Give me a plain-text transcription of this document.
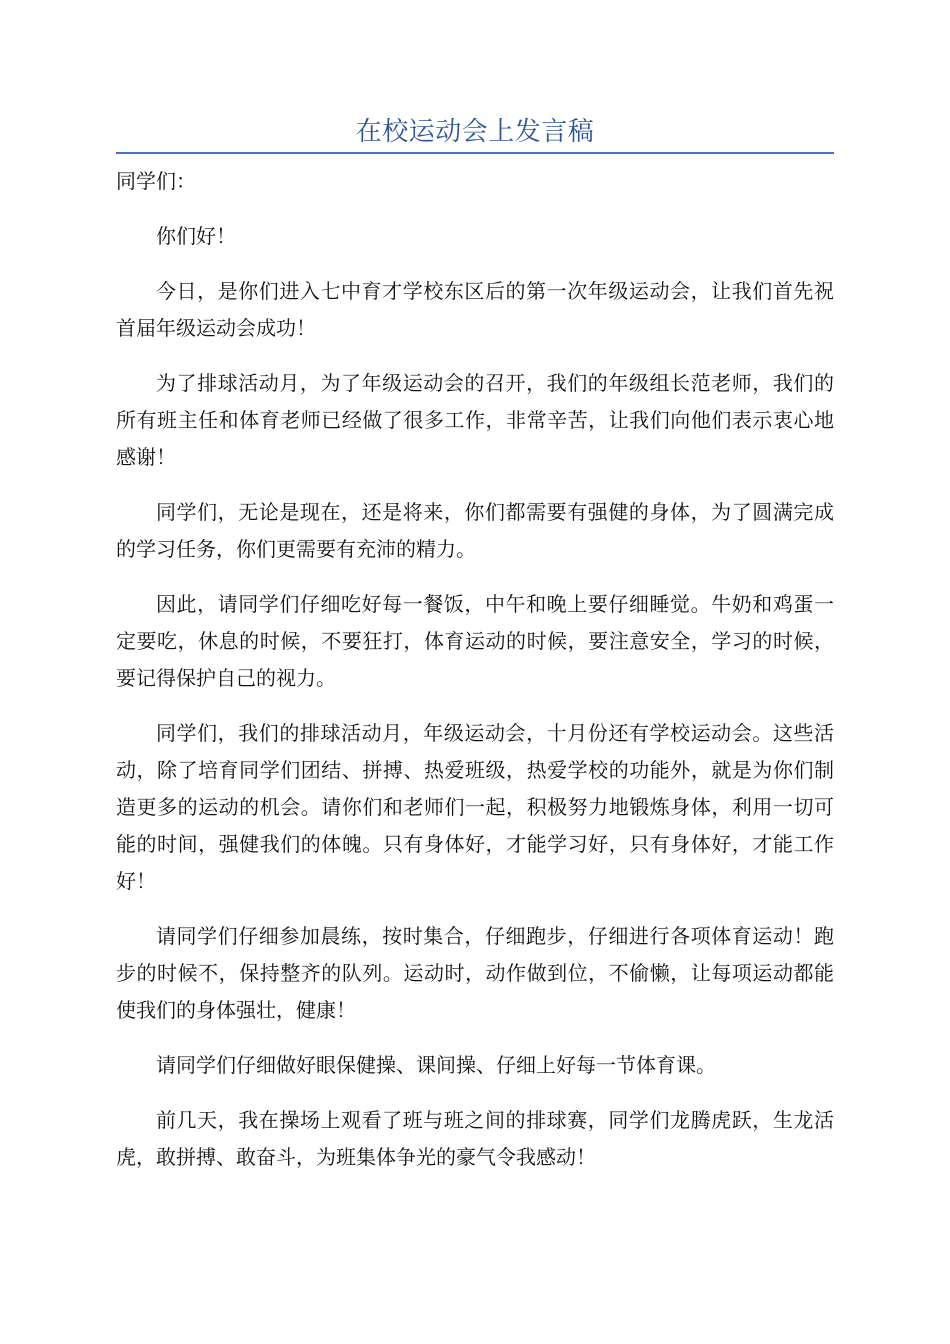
在校运动会上发言稿

同学们：

你们好！

今日，是你们进入七中育才学校东区后的第一次年级运动会，让我们首先祝首届年级运动会成功！

为了排球活动月，为了年级运动会的召开，我们的年级组长范老师，我们的所有班主任和体育老师已经做了很多工作，非常辛苦，让我们向他们表示衷心地感谢！

同学们，无论是现在，还是将来，你们都需要有强健的身体，为了圆满完成的学习任务，你们更需要有充沛的精力。

因此，请同学们仔细吃好每一餐饭，中午和晚上要仔细睡觉。牛奶和鸡蛋一定要吃，休息的时候，不要狂打，体育运动的时候，要注意安全，学习的时候，要记得保护自己的视力。

同学们，我们的排球活动月，年级运动会，十月份还有学校运动会。这些活动，除了培育同学们团结、拼搏、热爱班级，热爱学校的功能外，就是为你们制造更多的运动的机会。请你们和老师们一起，积极努力地锻炼身体，利用一切可能的时间，强健我们的体魄。只有身体好，才能学习好，只有身体好，才能工作好！

请同学们仔细参加晨练，按时集合，仔细跑步，仔细进行各项体育运动！跑步的时候不，保持整齐的队列。运动时，动作做到位，不偷懒，让每项运动都能使我们的身体强壮，健康！

请同学们仔细做好眼保健操、课间操、仔细上好每一节体育课。

前几天，我在操场上观看了班与班之间的排球赛，同学们龙腾虎跃，生龙活虎，敢拼搏、敢奋斗，为班集体争光的豪气令我感动！
